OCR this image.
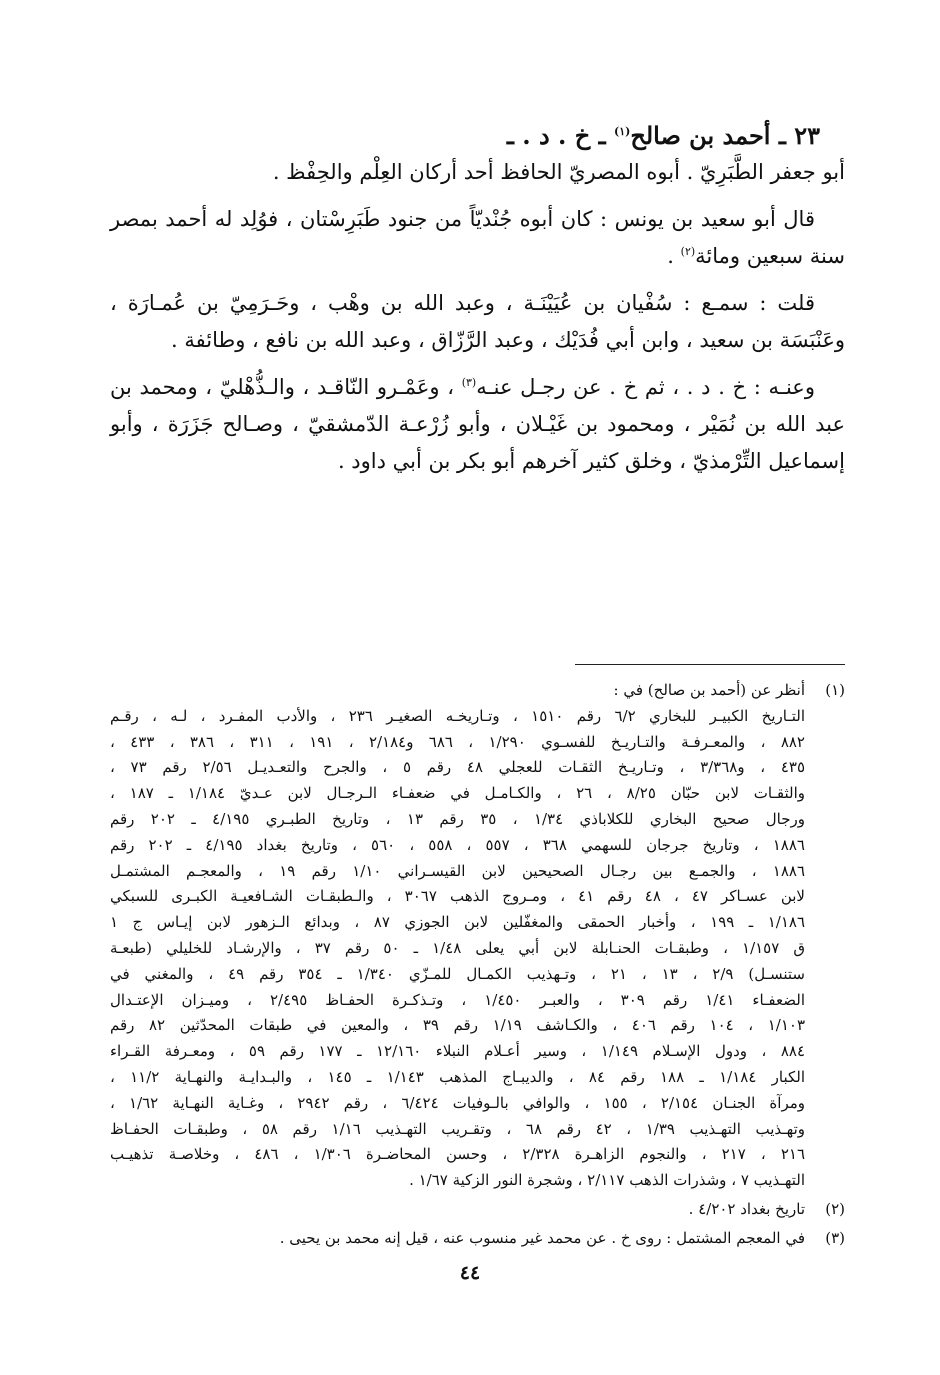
٢٣ ـ أحمد بن صالح$^{(١)}$ ـ خ . د . ـ

أبو جعفر الطَّبَرِيّ . أبوه المصريّ الحافظ أحد أركان العِلْم والحِفْظ .

قال أبو سعيد بن يونس : كان أبوه جُنْديّاً من جنود طَبَرِسْتان ، فوُلِد له أحمد بمصر سنة سبعين ومائة$^{(٢)}$ .

قلت : سمـع : سُفْيان بن عُيَيْنَـة ، وعبد الله بن وهْب ، وحَـرَمِيّ بن عُمـارَة ، وعَنْبَسَة بن سعيد ، وابن أبي فُدَيْك ، وعبد الرَّزّاق ، وعبد الله بن نافع ، وطائفة .

وعنـه : خ . د . ، ثم خ . عن رجـل عنـه$^{(٣)}$ ، وعَمْـرو النّاقـد ، والـذُّهْليّ ، ومحمد بن عبد الله بن نُمَيْر ، ومحمود بن غَيْـلان ، وأبو زُرْعـة الدّمشقيّ ، وصـالح جَزَرَة ، وأبو إسماعيل التِّرْمذيّ ، وخلق كثير آخرهم أبو بكر بن أبي داود .

(١)
أنظر عن (أحمد بن صالح) في :
التـاريخ الكبيـر للبخاري ٦/٢ رقم ١٥١٠ ، وتـاريخـه الصغيـر ٢٣٦ ، والأدب المفـرد ، لـه ، رقـم
٨٨٢ ، والمعـرفـة والتـاريـخ للفسـوي ١/٢٩٠ ، ٦٨٦ و٢/١٨٤ ، ١٩١ ، ٣١١ ، ٣٨٦ ، ٤٣٣ ،
٤٣٥ ، و٣/٣٦٨ ، وتـاريـخ الثقـات للعجلي ٤٨ رقم ٥ ، والجرح والتعـديـل ٢/٥٦ رقم ٧٣ ،
والثقـات لابن حبّان ٨/٢٥ ، ٢٦ ، والكـامـل في ضعفـاء الـرجـال لابن عـديّ ١/١٨٤ ـ ١٨٧ ،
ورجال صحيح البخاري للكلاباذي ١/٣٤ ، ٣٥ رقم ١٣ ، وتاريخ الطبـري ٤/١٩٥ ـ ٢٠٢ رقم
١٨٨٦ ، وتاريخ جرجان للسهمي ٣٦٨ ، ٥٥٧ ، ٥٥٨ ، ٥٦٠ ، وتاريخ بغداد ٤/١٩٥ ـ ٢٠٢ رقم
١٨٨٦ ، والجمـع بين رجـال الصحيحين لابن القيسـراني ١/١٠ رقم ١٩ ، والمعجـم المشتمـل
لابن عسـاكر ٤٧ ، ٤٨ رقم ٤١ ، ومـروج الذهب ٣٠٦٧ ، والـطبقـات الشـافعيـة الكبـرى للسبكي
١/١٨٦ ـ ١٩٩ ، وأخبار الحمقى والمغفّلين لابن الجوزي ٨٧ ، وبدائع الـزهور لابن إيـاس ج ١
ق ١/١٥٧ ، وطبقـات الحنـابلة لابن أبي يعلى ١/٤٨ ـ ٥٠ رقم ٣٧ ، والإرشـاد للخليلي (طبعـة
ستنسـل) ٢/٩ ، ١٣ ، ٢١ ، وتـهذيب الكمـال للمـزّي ١/٣٤٠ ـ ٣٥٤ رقم ٤٩ ، والمغني في
الضعفـاء ١/٤١ رقم ٣٠٩ ، والعبـر ١/٤٥٠ ، وتـذكـرة الحفـاظ ٢/٤٩٥ ، وميـزان الإعتـدال
١/١٠٣ ، ١٠٤ رقم ٤٠٦ ، والكـاشف ١/١٩ رقم ٣٩ ، والمعين في طبقات المحدّثين ٨٢ رقم
٨٨٤ ، ودول الإسـلام ١/١٤٩ ، وسير أعـلام النبلاء ١٢/١٦٠ ـ ١٧٧ رقم ٥٩ ، ومعـرفة القـراء
الكبار ١/١٨٤ ـ ١٨٨ رقم ٨٤ ، والديبـاج المذهب ١/١٤٣ ـ ١٤٥ ، والبـدايـة والنهـاية ١١/٢ ،
ومرآة الجنـان ٢/١٥٤ ، ١٥٥ ، والوافي بالـوفيات ٦/٤٢٤ ، رقم ٢٩٤٢ ، وغـاية النهـاية ١/٦٢ ،
وتهـذيب التهـذيب ١/٣٩ ، ٤٢ رقم ٦٨ ، وتقـريب التهـذيب ١/١٦ رقم ٥٨ ، وطبقـات الحفـاظ
٢١٦ ، ٢١٧ ، والنجوم الزاهـرة ٢/٣٢٨ ، وحسن المحاضـرة ١/٣٠٦ ، ٤٨٦ ، وخلاصـة تذهيـب
التهـذيب ٧ ، وشذرات الذهب ٢/١١٧ ، وشجرة النور الزكية ١/٦٧ .
(٢)
تاريخ بغداد ٤/٢٠٢ .
(٣)
في المعجم المشتمل : روى خ . عن محمد غير منسوب عنه ، قيل إنه محمد بن يحيى .
٤٤
